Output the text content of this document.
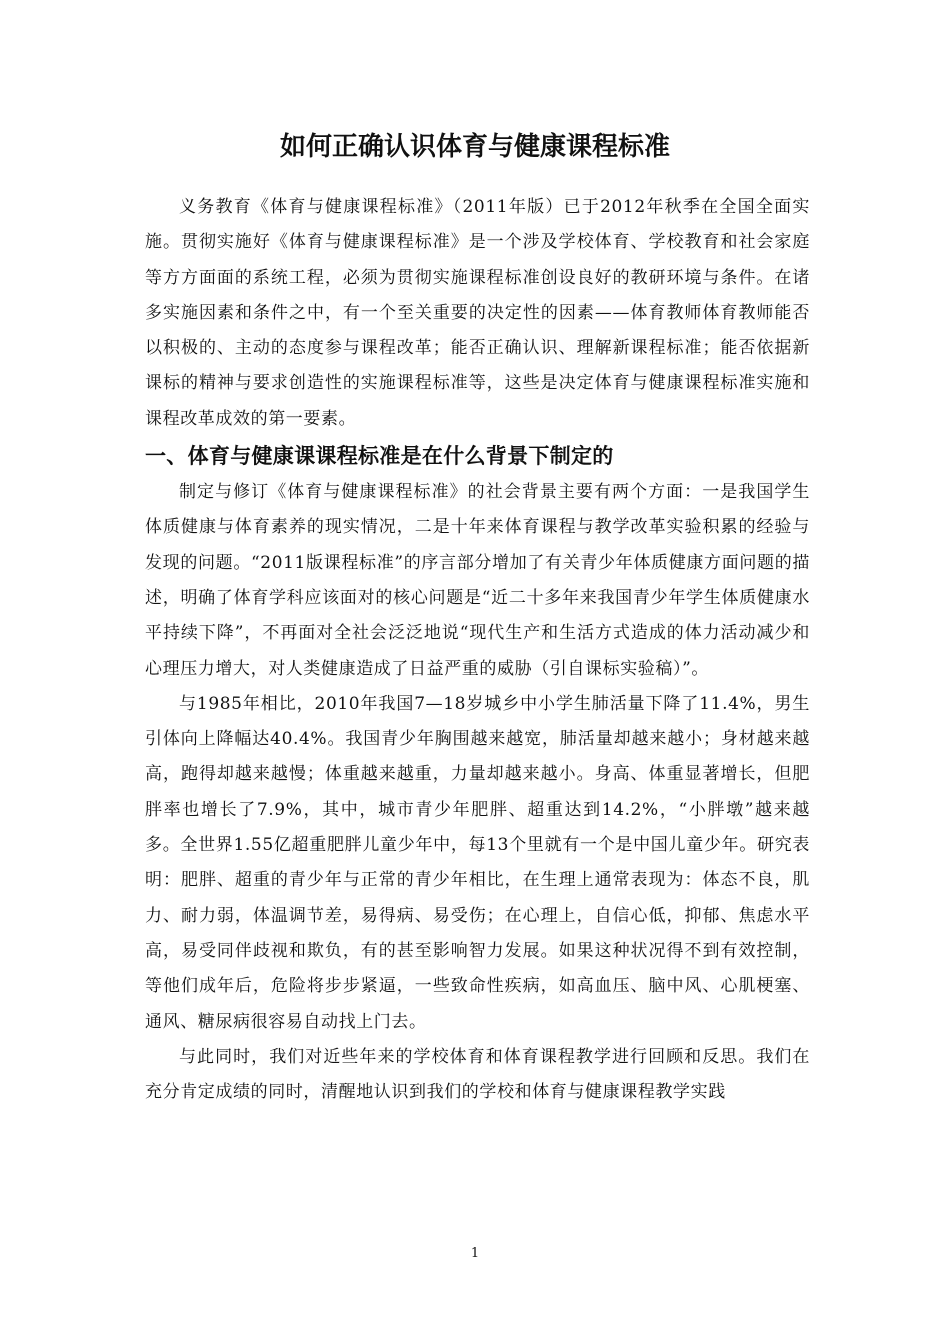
如何正确认识体育与健康课程标准

义务教育《体育与健康课程标准》（2011年版）已于2012年秋季在全国全面实施。贯彻实施好《体育与健康课程标准》是一个涉及学校体育、学校教育和社会家庭等方方面面的系统工程，必须为贯彻实施课程标准创设良好的教研环境与条件。在诸多实施因素和条件之中，有一个至关重要的决定性的因素——体育教师体育教师能否以积极的、主动的态度参与课程改革；能否正确认识、理解新课程标准；能否依据新课标的精神与要求创造性的实施课程标准等，这些是决定体育与健康课程标准实施和课程改革成效的第一要素。

一、体育与健康课课程标准是在什么背景下制定的

制定与修订《体育与健康课程标准》的社会背景主要有两个方面：一是我国学生体质健康与体育素养的现实情况，二是十年来体育课程与教学改革实验积累的经验与发现的问题。“2011版课程标准”的序言部分增加了有关青少年体质健康方面问题的描述，明确了体育学科应该面对的核心问题是“近二十多年来我国青少年学生体质健康水平持续下降”，不再面对全社会泛泛地说“现代生产和生活方式造成的体力活动减少和心理压力增大，对人类健康造成了日益严重的威胁（引自课标实验稿）”。

与1985年相比，2010年我国7—18岁城乡中小学生肺活量下降了11.4%，男生引体向上降幅达40.4%。我国青少年胸围越来越宽，肺活量却越来越小；身材越来越高，跑得却越来越慢；体重越来越重，力量却越来越小。身高、体重显著增长，但肥胖率也增长了7.9%，其中，城市青少年肥胖、超重达到14.2%，“小胖墩”越来越多。全世界1.55亿超重肥胖儿童少年中，每13个里就有一个是中国儿童少年。研究表明：肥胖、超重的青少年与正常的青少年相比，在生理上通常表现为：体态不良，肌力、耐力弱，体温调节差，易得病、易受伤；在心理上，自信心低，抑郁、焦虑水平高，易受同伴歧视和欺负，有的甚至影响智力发展。如果这种状况得不到有效控制，等他们成年后，危险将步步紧逼，一些致命性疾病，如高血压、脑中风、心肌梗塞、通风、糖尿病很容易自动找上门去。

与此同时，我们对近些年来的学校体育和体育课程教学进行回顾和反思。我们在充分肯定成绩的同时，清醒地认识到我们的学校和体育与健康课程教学实践

1
